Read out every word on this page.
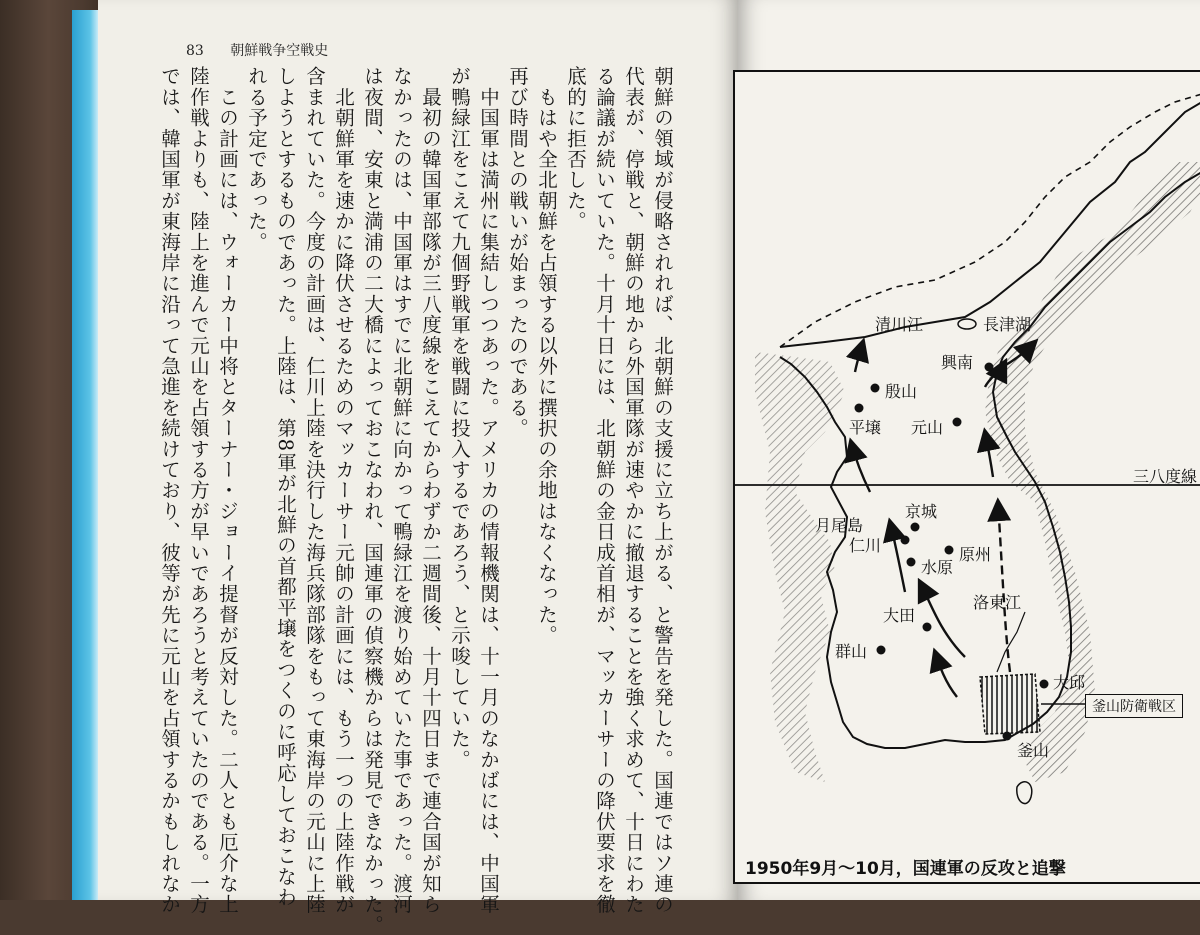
83 朝鮮戦争空戦史
朝鮮の領域が侵略されれば、北朝鮮の支援に立ち上がる、と警告を発した。国連ではソ連の
代表が、停戦と、朝鮮の地から外国軍隊が速やかに撤退することを強く求めて、十日にわた
る論議が続いていた。十月十日には、北朝鮮の金日成首相が、マッカーサーの降伏要求を徹
底的に拒否した。
　もはや全北朝鮮を占領する以外に撰択の余地はなくなった。
再び時間との戦いが始まったのである。
　中国軍は満州に集結しつつあった。アメリカの情報機関は、十一月のなかばには、中国軍
が鴨緑江をこえて九個野戦軍を戦闘に投入するであろう、と示唆していた。
　最初の韓国軍部隊が三八度線をこえてからわずか二週間後、十月十四日まで連合国が知ら
なかったのは、中国軍はすでに北朝鮮に向かって鴨緑江を渡り始めていた事であった。渡河
は夜間、安東と満浦の二大橋によっておこなわれ、国連軍の偵察機からは発見できなかった。
　北朝鮮軍を速かに降伏させるためのマッカーサー元帥の計画には、もう一つの上陸作戦が
含まれていた。今度の計画は、仁川上陸を決行した海兵隊部隊をもって東海岸の元山に上陸
しようとするものであった。上陸は、第8軍が北鮮の首都平壌をつくのに呼応しておこなわ
れる予定であった。
　この計画には、ウォーカー中将とターナー・ジョーイ提督が反対した。二人とも厄介な上
陸作戦よりも、陸上を進んで元山を占領する方が早いであろうと考えていたのである。一方
では、韓国軍が東海岸に沿って急進を続けており、彼等が先に元山を占領するかもしれなか	清川江	長津湖
興南
殷山
平壌 元山
三八度線
京城
月尾島
仁川	原州
水原
洛東江
大田
群山
大邱
釜山防衛戦区
釜山
1950年9月〜10月，国連軍の反攻と追撃
